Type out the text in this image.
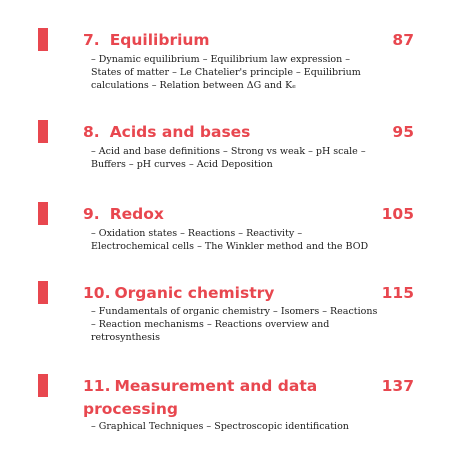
7. Equilibrium	87

– Dynamic equilibrium – Equilibrium law expression – States of matter – Le Chatelier's principle – Equilibrium calculations – Relation between ΔG and Kₑ

8. Acids and bases	95

– Acid and base definitions – Strong vs weak – pH scale – Buffers – pH curves – Acid Deposition

9. Redox	105

– Oxidation states – Reactions – Reactivity – Electrochemical cells – The Winkler method and the BOD

10. Organic chemistry	115

– Fundamentals of organic chemistry – Isomers – Reactions – Reaction mechanisms – Reactions overview and retrosynthesis

11. Measurement and data processing
137

– Graphical Techniques – Spectroscopic identification
